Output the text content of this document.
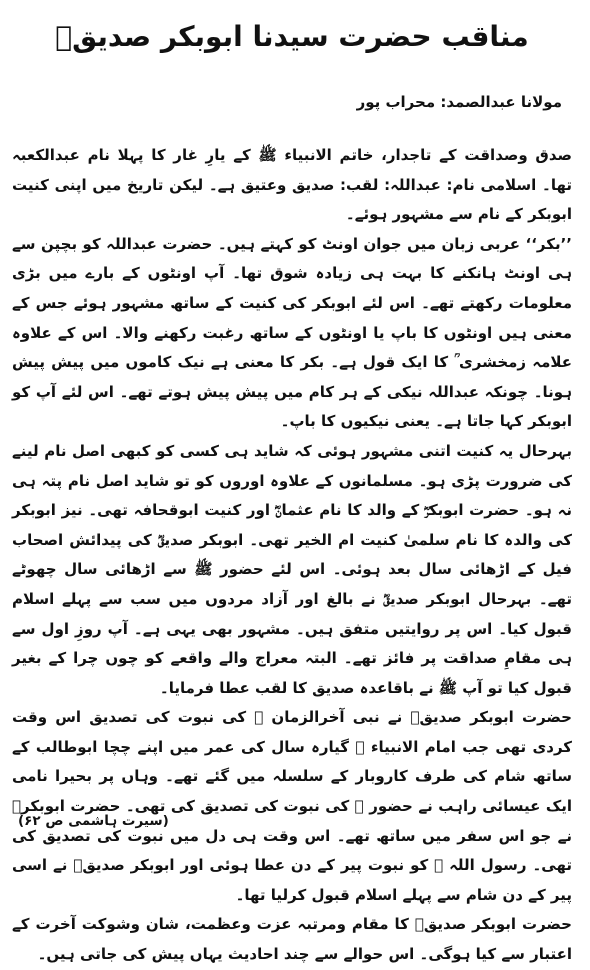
مناقب حضرت سیدنا ابوبکر صدیقؓ
مولانا عبدالصمد: محراب پور

صدق وصداقت کے تاجدار، خاتم الانبیاء ﷺ کے یارِ غار کا پہلا نام عبدالکعبہ تھا۔ اسلامی نام: عبداللہ: لقب: صدیق وعتیق ہے۔ لیکن تاریخ میں اپنی کنیت ابوبکر کے نام سے مشہور ہوئے۔

’’بکر‘‘ عربی زبان میں جوان اونٹ کو کہتے ہیں۔ حضرت عبداللہ کو بچپن سے ہی اونٹ ہانکنے کا بہت ہی زیادہ شوق تھا۔ آپ اونٹوں کے بارے میں بڑی معلومات رکھتے تھے۔ اس لئے ابوبکر کی کنیت کے ساتھ مشہور ہوئے جس کے معنی ہیں اونٹوں کا باپ یا اونٹوں کے ساتھ رغبت رکھنے والا۔ اس کے علاوہ علامہ زمخشری ؒ کا ایک قول ہے۔ بکر کا معنی ہے نیک کاموں میں پیش پیش ہونا۔ چونکہ عبداللہ نیکی کے ہر کام میں پیش پیش ہوتے تھے۔ اس لئے آپ کو ابوبکر کہا جاتا ہے۔ یعنی نیکیوں کا باپ۔

بہرحال یہ کنیت اتنی مشہور ہوئی کہ شاید ہی کسی کو کبھی اصل نام لینے کی ضرورت پڑی ہو۔ مسلمانوں کے علاوہ اوروں کو تو شاید اصل نام پتہ ہی نہ ہو۔ حضرت ابوبکرؓ کے والد کا نام عثمانؓ اور کنیت ابوقحافہ تھی۔ نیز ابوبکر کی والدہ کا نام سلمیٰ کنیت ام الخیر تھی۔ ابوبکر صدیقؓ کی پیدائش اصحاب فیل کے اڑھائی سال بعد ہوئی۔ اس لئے حضور ﷺ سے اڑھائی سال چھوٹے تھے۔ بہرحال ابوبکر صدیقؓ نے بالغ اور آزاد مردوں میں سب سے پہلے اسلام قبول کیا۔ اس پر روایتیں متفق ہیں۔ مشہور بھی یہی ہے۔ آپ روزِ اول سے ہی مقامِ صداقت پر فائز تھے۔ البتہ معراج والے واقعے کو چوں چرا کے بغیر قبول کیا تو آپ ﷺ نے باقاعدہ صدیق کا لقب عطا فرمایا۔

حضرت ابوبکر صدیقؓ نے نبی آخرالزمان ﷺ کی نبوت کی تصدیق اس وقت کردی تھی جب امام الانبیاء ﷺ گیارہ سال کی عمر میں اپنے چچا ابوطالب کے ساتھ شام کی طرف کاروبار کے سلسلہ میں گئے تھے۔ وہاں پر بحیرا نامی ایک عیسائی راہب نے حضور ﷺ کی نبوت کی تصدیق کی تھی۔ حضرت ابوبکرؓ نے جو اس سفر میں ساتھ تھے۔ اس وقت ہی دل میں نبوت کی تصدیق کی تھی۔ رسول اللہ ﷺ کو نبوت پیر کے دن عطا ہوئی اور ابوبکر صدیقؓ نے اسی پیر کے دن شام سے پہلے اسلام قبول کرلیا تھا۔

حضرت ابوبکر صدیقؓ کا مقام ومرتبہ عزت وعظمت، شان وشوکت آخرت کے اعتبار سے کیا ہوگی۔ اس حوالے سے چند احادیث یہاں پیش کی جاتی ہیں۔

(سیرت ہاشمی ص ۶۲)
